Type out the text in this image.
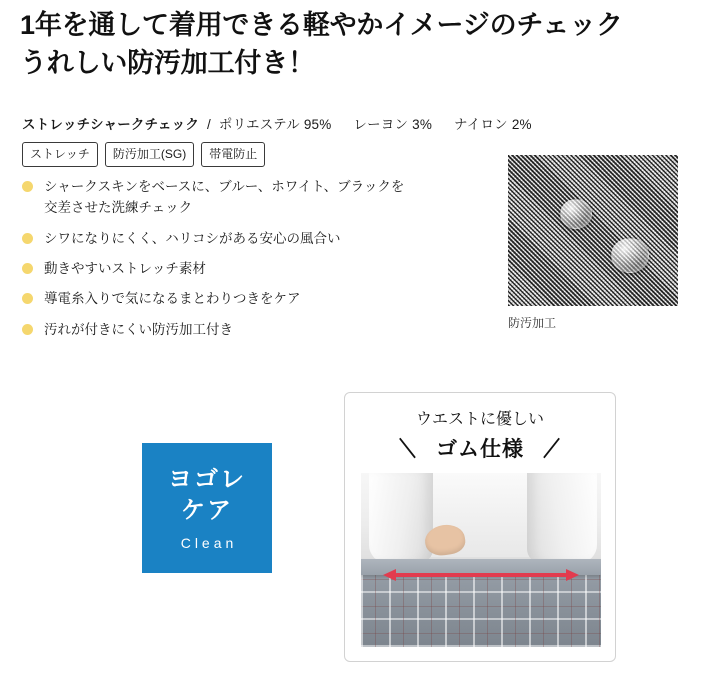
1年を通して着用できる軽やかイメージのチェック
うれしい防汚加工付き！
ストレッチシャークチェック / ポリエステル 95% レーヨン 3% ナイロン 2%
ストレッチ	防汚加工(SG)	帯電防止
シャークスキンをベースに、ブルー、ホワイト、ブラックを
交差させた洗練チェック
シワになりにくく、ハリコシがある安心の風合い
動きやすいストレッチ素材
導電糸入りで気になるまとわりつきをケア
汚れが付きにくい防汚加工付き	防汚加工
ヨゴレ
ケア
Clean
ウエストに優しい
＼ ゴム仕様 ／
